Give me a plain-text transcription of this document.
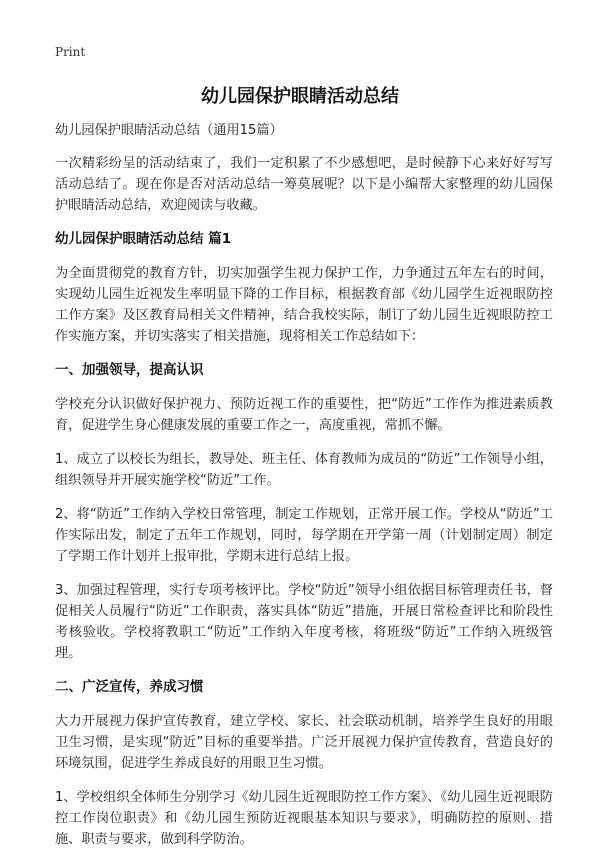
Print
幼儿园保护眼睛活动总结

幼儿园保护眼睛活动总结（通用15篇）

一次精彩纷呈的活动结束了，我们一定积累了不少感想吧，是时候静下心来好好写写活动总结了。现在你是否对活动总结一筹莫展呢？以下是小编帮大家整理的幼儿园保护眼睛活动总结，欢迎阅读与收藏。

幼儿园保护眼睛活动总结 篇1

为全面贯彻党的教育方针，切实加强学生视力保护工作，力争通过五年左右的时间，实现幼儿园生近视发生率明显下降的工作目标，根据教育部《幼儿园学生近视眼防控工作方案》及区教育局相关文件精神，结合我校实际，制订了幼儿园生近视眼防控工作实施方案，并切实落实了相关措施，现将相关工作总结如下：

一、加强领导，提高认识

学校充分认识做好保护视力、预防近视工作的重要性，把“防近”工作作为推进素质教育，促进学生身心健康发展的重要工作之一，高度重视，常抓不懈。

1、成立了以校长为组长，教导处、班主任、体育教师为成员的“防近”工作领导小组，组织领导并开展实施学校“防近”工作。

2、将“防近”工作纳入学校日常管理，制定工作规划，正常开展工作。学校从“防近”工作实际出发，制定了五年工作规划，同时，每学期在开学第一周（计划制定周）制定了学期工作计划并上报审批，学期末进行总结上报。

3、加强过程管理，实行专项考核评比。学校“防近”领导小组依据目标管理责任书，督促相关人员履行“防近”工作职责，落实具体“防近”措施，开展日常检查评比和阶段性考核验收。学校将教职工“防近”工作纳入年度考核，将班级“防近”工作纳入班级管理。

二、广泛宣传，养成习惯

大力开展视力保护宣传教育，建立学校、家长、社会联动机制，培养学生良好的用眼卫生习惯，是实现“防近”目标的重要举措。广泛开展视力保护宣传教育，营造良好的环境氛围，促进学生养成良好的用眼卫生习惯。

1、学校组织全体师生分别学习《幼儿园生近视眼防控工作方案》、《幼儿园生近视眼防控工作岗位职责》和《幼儿园生预防近视眼基本知识与要求》，明确防控的原则、措施、职责与要求，做到科学防治。
